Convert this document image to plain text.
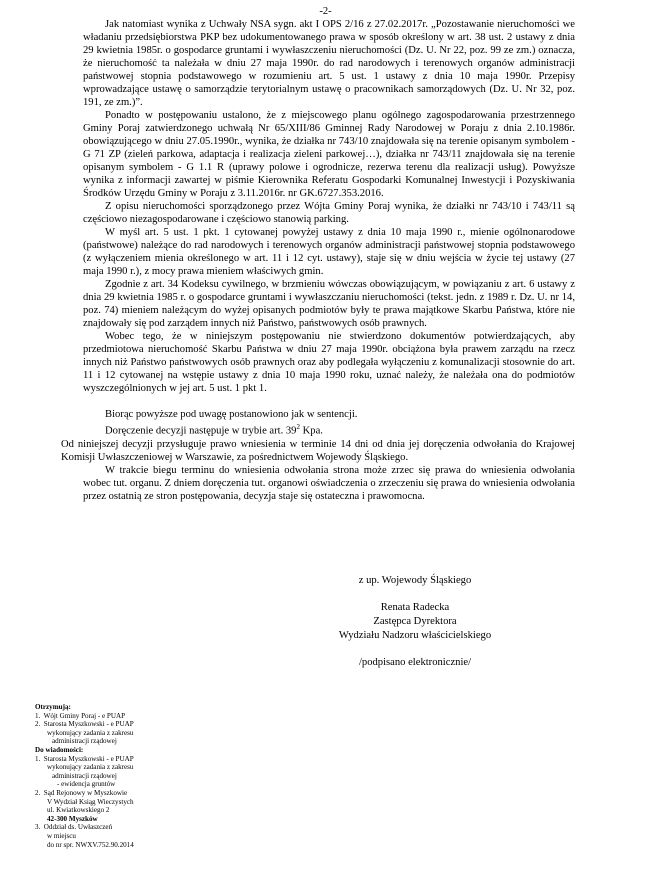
-2-

Jak natomiast wynika z Uchwały NSA sygn. akt I OPS 2/16 z 27.02.2017r. „Pozostawanie nieruchomości we władaniu przedsiębiorstwa PKP bez udokumentowanego prawa w sposób określony w art. 38 ust. 2 ustawy z dnia 29 kwietnia 1985r. o gospodarce gruntami i wywłaszczeniu nieruchomości (Dz. U. Nr 22, poz. 99 ze zm.) oznacza, że nieruchomość ta należała w dniu 27 maja 1990r. do rad narodowych i terenowych organów administracji państwowej stopnia podstawowego w rozumieniu art. 5 ust. 1 ustawy z dnia 10 maja 1990r. Przepisy wprowadzające ustawę o samorządzie terytorialnym ustawę o pracownikach samorządowych (Dz. U. Nr 32, poz. 191, ze zm.)”.

Ponadto w postępowaniu ustalono, że z miejscowego planu ogólnego zagospodarowania przestrzennego Gminy Poraj zatwierdzonego uchwałą Nr 65/XIII/86 Gminnej Rady Narodowej w Poraju z dnia 2.10.1986r. obowiązującego w dniu 27.05.1990r., wynika, że działka nr 743/10 znajdowała się na terenie opisanym symbolem - G 71 ZP (zieleń parkowa, adaptacja i realizacja zieleni parkowej…), działka nr 743/11 znajdowała się na terenie opisanym symbolem - G 1.1 R (uprawy polowe i ogrodnicze, rezerwa terenu dla realizacji usług). Powyższe wynika z informacji zawartej w piśmie Kierownika Referatu Gospodarki Komunalnej Inwestycji i Pozyskiwania Środków Urzędu Gminy w Poraju z 3.11.2016r. nr GK.6727.353.2016.

Z opisu nieruchomości sporządzonego przez Wójta Gminy Poraj wynika, że działki nr 743/10 i 743/11 są częściowo niezagospodarowane i częściowo stanowią parking.

W myśl art. 5 ust. 1 pkt. 1 cytowanej powyżej ustawy z dnia 10 maja 1990 r., mienie ogólnonarodowe (państwowe) należące do rad narodowych i terenowych organów administracji państwowej stopnia podstawowego (z wyłączeniem mienia określonego w art. 11 i 12 cyt. ustawy), staje się w dniu wejścia w życie tej ustawy (27 maja 1990 r.), z mocy prawa mieniem właściwych gmin.

Zgodnie z art. 34 Kodeksu cywilnego, w brzmieniu wówczas obowiązującym, w powiązaniu z art. 6 ustawy z dnia 29 kwietnia 1985 r. o gospodarce gruntami i wywłaszczaniu nieruchomości (tekst. jedn. z 1989 r. Dz. U. nr 14, poz. 74) mieniem należącym do wyżej opisanych podmiotów były te prawa majątkowe Skarbu Państwa, które nie znajdowały się pod zarządem innych niż Państwo, państwowych osób prawnych.

Wobec tego, że w niniejszym postępowaniu nie stwierdzono dokumentów potwierdzających, aby przedmiotowa nieruchomość Skarbu Państwa w dniu 27 maja 1990r. obciążona była prawem zarządu na rzecz innych niż Państwo państwowych osób prawnych oraz aby podlegała wyłączeniu z komunalizacji stosownie do art. 11 i 12 cytowanej na wstępie ustawy z dnia 10 maja 1990 roku, uznać należy, że należała ona do podmiotów wyszczególnionych w jej art. 5 ust. 1 pkt 1.

Biorąc powyższe pod uwagę postanowiono jak w sentencji.

Doręczenie decyzji następuje w trybie art. $39^2$ Kpa.

Od niniejszej decyzji przysługuje prawo wniesienia w terminie 14 dni od dnia jej doręczenia odwołania do Krajowej Komisji Uwłaszczeniowej w Warszawie, za pośrednictwem Wojewody Śląskiego.

W trakcie biegu terminu do wniesienia odwołania strona może zrzec się prawa do wniesienia odwołania wobec tut. organu. Z dniem doręczenia tut. organowi oświadczenia o zrzeczeniu się prawa do wniesienia odwołania przez ostatnią ze stron postępowania, decyzja staje się ostateczna i prawomocna.

z up. Wojewody Śląskiego
Renata Radecka
Zastępca Dyrektora
Wydziału Nadzoru właścicielskiego
/podpisano elektronicznie/
Otrzymują:
1. Wójt Gminy Poraj - e PUAP
2. Starosta Myszkowski - e PUAP
wykonujący zadania z zakresu
administracji rządowej
Do wiadomości:
1. Starosta Myszkowski - e PUAP
wykonujący zadania z zakresu
administracji rządowej
- ewidencja gruntów
2. Sąd Rejonowy w Myszkowie
V Wydział Ksiąg Wieczystych
ul. Kwiatkowskiego 2
42-300 Myszków
3. Oddział ds. Uwłaszczeń
w miejscu
do nr spr. NWXV.752.90.2014
